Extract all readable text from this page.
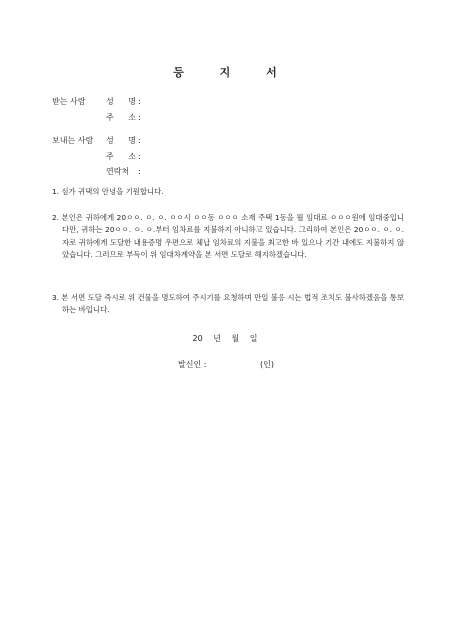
등 지 서
받는 사람	성 명 :
주 소 :
보내는 사람 성 명 :
주 소 :
연락처	:
1. 심가 귀댁의 안녕을 기원합니다.
2. 본인은 귀하에게 20ㅇㅇ. ㅇ. ㅇ. ㅇㅇ시 ㅇㅇ동 ㅇㅇㅇ 소재 주택 1동을 월 임대료 ㅇㅇㅇ원에 임대중입니다만, 귀하는 20ㅇㅇ. ㅇ. ㅇ.부터 임차료를 지불하지 아니하고 있습니다. 그리하여 본인은 20ㅇㅇ. ㅇ. ㅇ.자로 귀하에게 도달한 내용증명 우편으로 체납 임차료의 지불을 최고한 바 있으나 기간 내에도 지불하지 않았습니다. 그러므로 부득이 위 임대차계약을 본 서면 도달로 해지하겠습니다.
3. 본 서면 도달 즉시로 위 건물을 명도하여 주시기를 요청하며 만일 불응 시는 법적 조치도 불사하겠음을 통보하는 바입니다.
20 년 월 일
발신인 :	(인)
